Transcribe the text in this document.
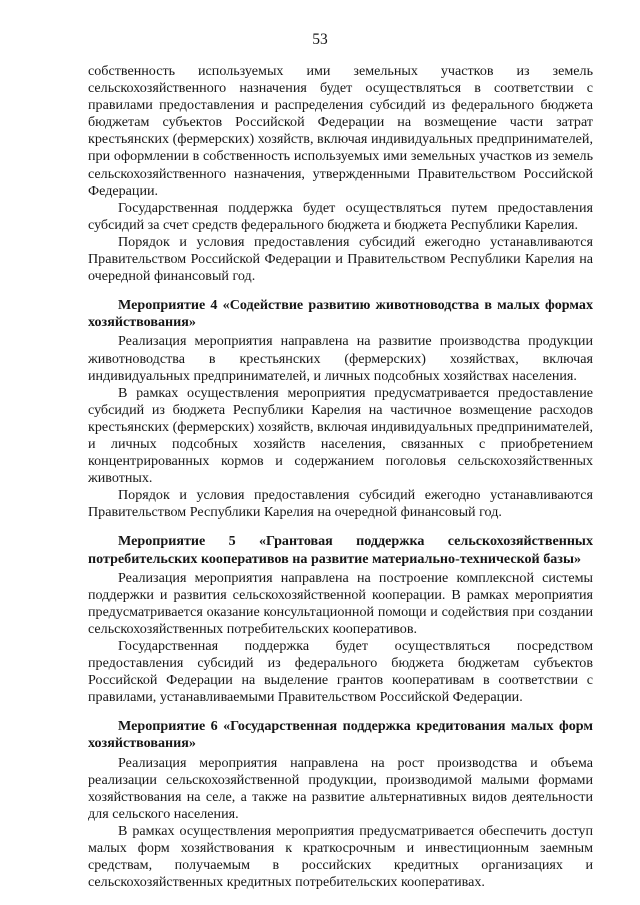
53

собственность используемых ими земельных участков из земель сельскохозяйственного назначения будет осуществляться в соответствии с правилами предоставления и распределения субсидий из федерального бюджета бюджетам субъектов Российской Федерации на возмещение части затрат крестьянских (фермерских) хозяйств, включая индивидуальных предпринимателей, при оформлении в собственность используемых ими земельных участков из земель сельскохозяйственного назначения, утвержденными Правительством Российской Федерации.

Государственная поддержка будет осуществляться путем предоставления субсидий за счет средств федерального бюджета и бюджета Республики Карелия.

Порядок и условия предоставления субсидий ежегодно устанавливаются Правительством Российской Федерации и Правительством Республики Карелия на очередной финансовый год.

Мероприятие 4 «Содействие развитию животноводства в малых формах хозяйствования»

Реализация мероприятия направлена на развитие производства продукции животноводства в крестьянских (фермерских) хозяйствах, включая индивидуальных предпринимателей, и личных подсобных хозяйствах населения.

В рамках осуществления мероприятия предусматривается предоставление субсидий из бюджета Республики Карелия на частичное возмещение расходов крестьянских (фермерских) хозяйств, включая индивидуальных предпринимателей, и личных подсобных хозяйств населения, связанных с приобретением концентрированных кормов и содержанием поголовья сельскохозяйственных животных.

Порядок и условия предоставления субсидий ежегодно устанавливаются Правительством Республики Карелия на очередной финансовый год.

Мероприятие 5 «Грантовая поддержка сельскохозяйственных потребительских кооперативов на развитие материально-технической базы»

Реализация мероприятия направлена на построение комплексной системы поддержки и развития сельскохозяйственной кооперации. В рамках мероприятия предусматривается оказание консультационной помощи и содействия при создании сельскохозяйственных потребительских кооперативов.

Государственная поддержка будет осуществляться посредством предоставления субсидий из федерального бюджета бюджетам субъектов Российской Федерации на выделение грантов кооперативам в соответствии с правилами, устанавливаемыми Правительством Российской Федерации.

Мероприятие 6 «Государственная поддержка кредитования малых форм хозяйствования»

Реализация мероприятия направлена на рост производства и объема реализации сельскохозяйственной продукции, производимой малыми формами хозяйствования на селе, а также на развитие альтернативных видов деятельности для сельского населения.

В рамках осуществления мероприятия предусматривается обеспечить доступ малых форм хозяйствования к краткосрочным и инвестиционным заемным средствам, получаемым в российских кредитных организациях и сельскохозяйственных кредитных потребительских кооперативах.
